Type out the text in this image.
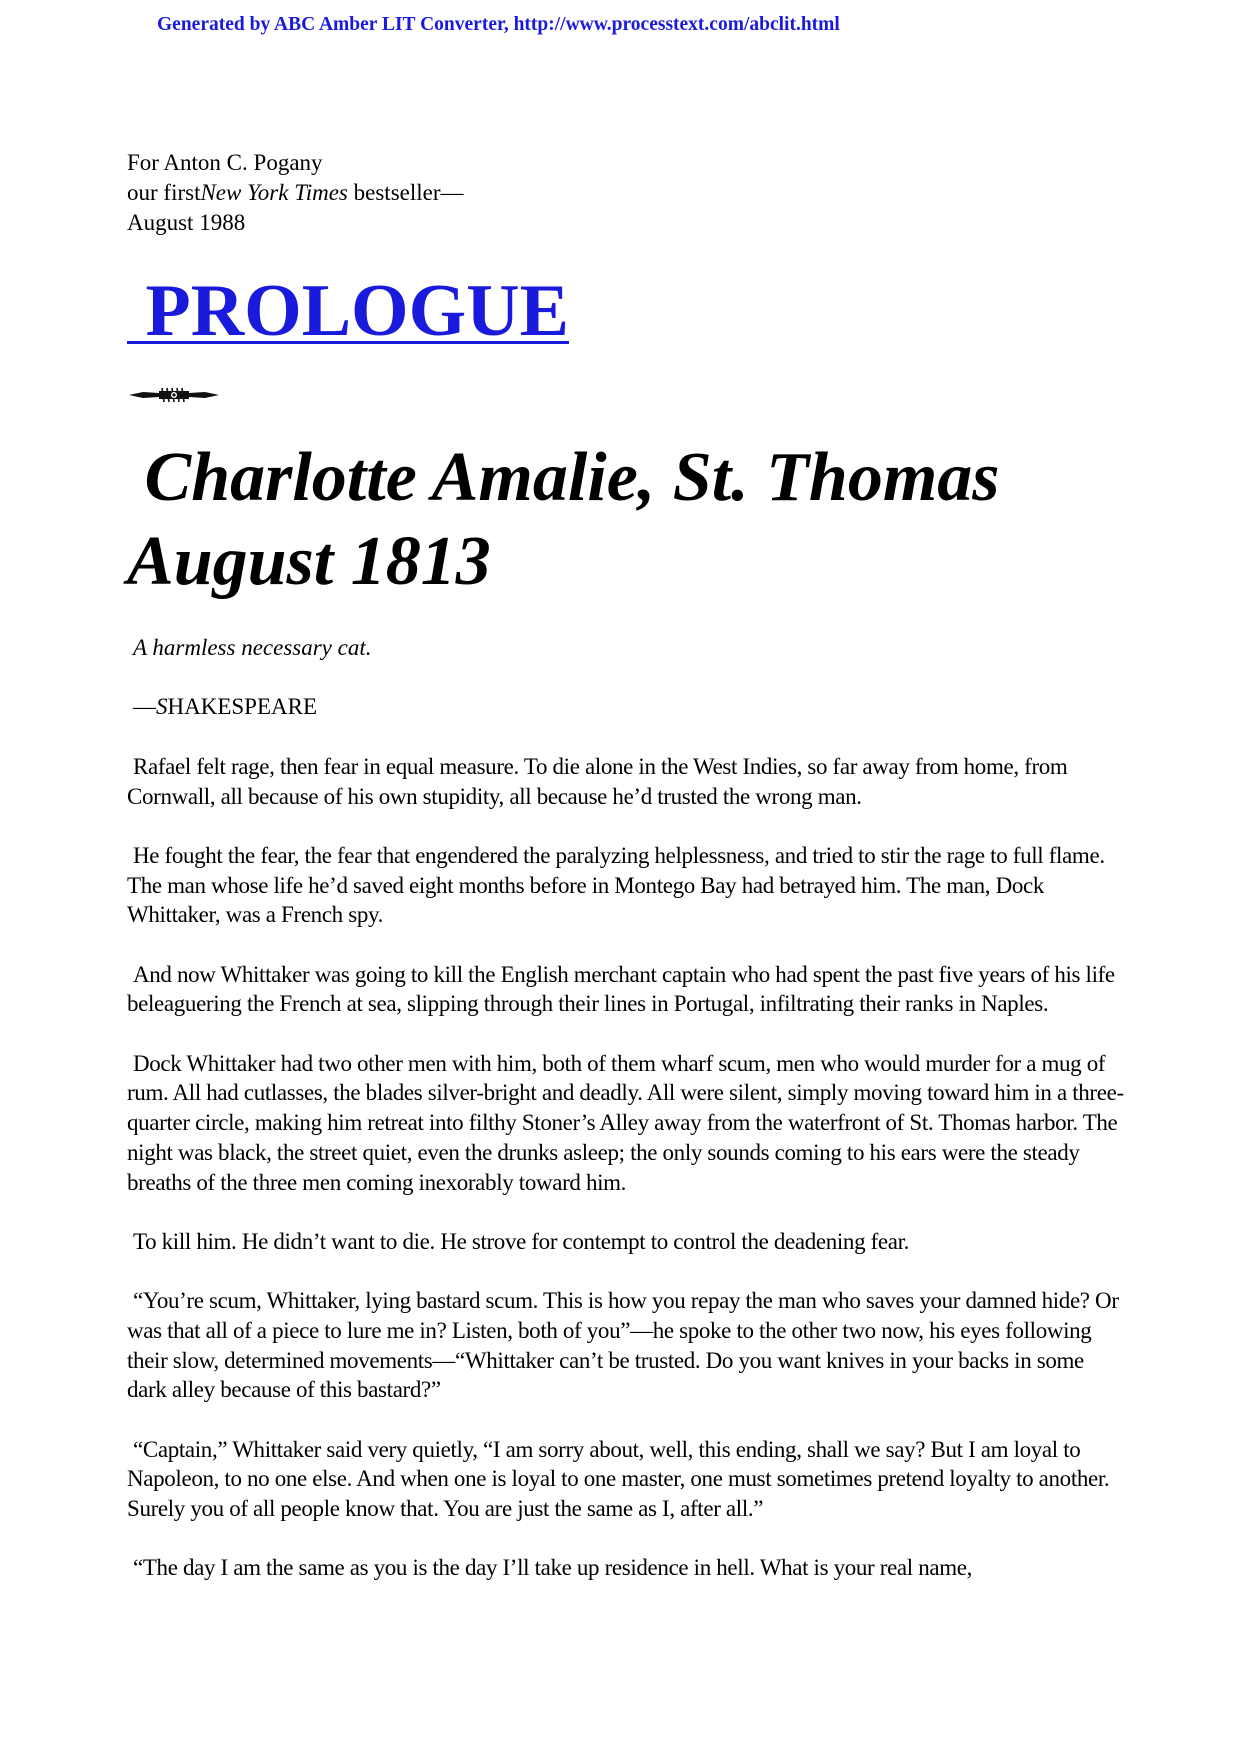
Generated by ABC Amber LIT Converter, http://www.processtext.com/abclit.html
For Anton C. Pogany
our firstNew York Times bestseller—
August 1988
PROLOGUE
Charlotte Amalie, St. Thomas
August 1813
A harmless necessary cat.
—SHAKESPEARE

Rafael felt rage, then fear in equal measure. To die alone in the West Indies, so far away from home, from Cornwall, all because of his own stupidity, all because he’d trusted the wrong man.

He fought the fear, the fear that engendered the paralyzing helplessness, and tried to stir the rage to full flame. The man whose life he’d saved eight months before in Montego Bay had betrayed him. The man, Dock Whittaker, was a French spy.

And now Whittaker was going to kill the English merchant captain who had spent the past five years of his life beleaguering the French at sea, slipping through their lines in Portugal, infiltrating their ranks in Naples.

Dock Whittaker had two other men with him, both of them wharf scum, men who would murder for a mug of rum. All had cutlasses, the blades silver-bright and deadly. All were silent, simply moving toward him in a three-quarter circle, making him retreat into filthy Stoner’s Alley away from the waterfront of St. Thomas harbor. The night was black, the street quiet, even the drunks asleep; the only sounds coming to his ears were the steady breaths of the three men coming inexorably toward him.

To kill him. He didn’t want to die. He strove for contempt to control the deadening fear.

“You’re scum, Whittaker, lying bastard scum. This is how you repay the man who saves your damned hide? Or was that all of a piece to lure me in? Listen, both of you”—he spoke to the other two now, his eyes following their slow, determined movements—“Whittaker can’t be trusted. Do you want knives in your backs in some dark alley because of this bastard?”

“Captain,” Whittaker said very quietly, “I am sorry about, well, this ending, shall we say? But I am loyal to Napoleon, to no one else. And when one is loyal to one master, one must sometimes pretend loyalty to another. Surely you of all people know that. You are just the same as I, after all.”

“The day I am the same as you is the day I’ll take up residence in hell. What is your real name,
